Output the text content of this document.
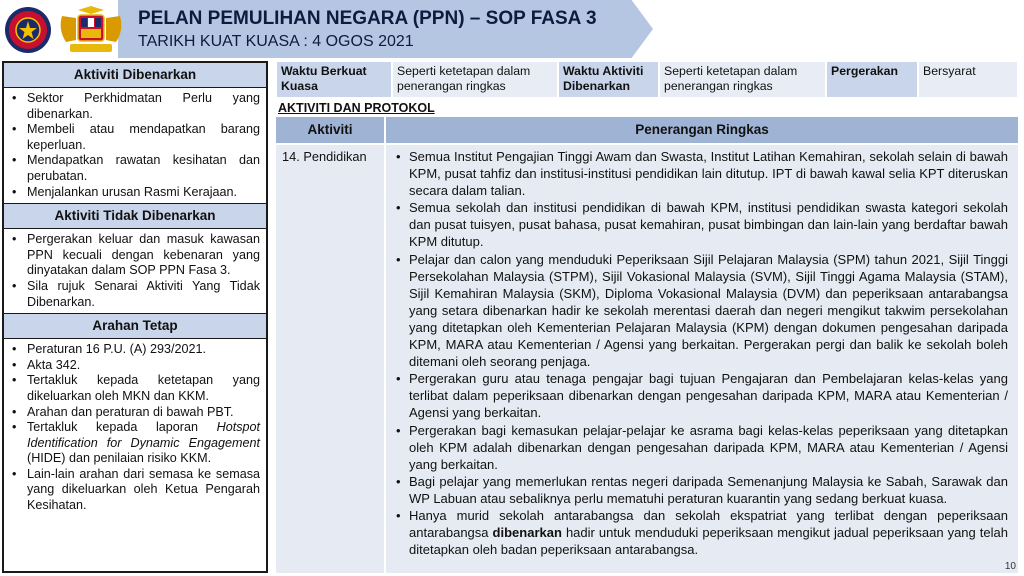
PELAN PEMULIHAN NEGARA (PPN) – SOP FASA 3
TARIKH KUAT KUASA : 4 OGOS 2021
Aktiviti Dibenarkan
• Sektor Perkhidmatan Perlu yang dibenarkan.
• Membeli atau mendapatkan barang keperluan.
• Mendapatkan rawatan kesihatan dan perubatan.
• Menjalankan urusan Rasmi Kerajaan.
Aktiviti Tidak Dibenarkan
• Pergerakan keluar dan masuk kawasan PPN kecuali dengan kebenaran yang dinyatakan dalam SOP PPN Fasa 3.
• Sila rujuk Senarai Aktiviti Yang Tidak Dibenarkan.
Arahan Tetap
• Peraturan 16 P.U. (A) 293/2021.
• Akta 342.
• Tertakluk kepada ketetapan yang dikeluarkan oleh MKN dan KKM.
• Arahan dan peraturan di bawah PBT.
• Tertakluk kepada laporan Hotspot Identification for Dynamic Engagement (HIDE) dan penilaian risiko KKM.
• Lain-lain arahan dari semasa ke semasa yang dikeluarkan oleh Ketua Pengarah Kesihatan.
Waktu Berkuat Kuasa
Seperti ketetapan dalam penerangan ringkas
Waktu Aktiviti Dibenarkan
Seperti ketetapan dalam penerangan ringkas
Pergerakan	Bersyarat
AKTIVITI DAN PROTOKOL
Aktiviti	Penerangan Ringkas
14. Pendidikan
•	Semua Institut Pengajian Tinggi Awam dan Swasta, Institut Latihan Kemahiran, sekolah selain di bawah KPM, pusat tahfiz dan institusi-institusi pendidikan lain ditutup. IPT di bawah kawal selia KPT diteruskan secara dalam talian.
• Semua sekolah dan institusi pendidikan di bawah KPM, institusi pendidikan swasta kategori sekolah dan pusat tuisyen, pusat bahasa, pusat kemahiran, pusat bimbingan dan lain-lain yang berdaftar bawah KPM ditutup.
• Pelajar dan calon yang menduduki Peperiksaan Sijil Pelajaran Malaysia (SPM) tahun 2021, Sijil Tinggi Persekolahan Malaysia (STPM), Sijil Vokasional Malaysia (SVM), Sijil Tinggi Agama Malaysia (STAM), Sijil Kemahiran Malaysia (SKM), Diploma Vokasional Malaysia (DVM) dan peperiksaan antarabangsa yang setara dibenarkan hadir ke sekolah merentasi daerah dan negeri mengikut takwim persekolahan yang ditetapkan oleh Kementerian Pelajaran Malaysia (KPM) dengan dokumen pengesahan daripada KPM, MARA atau Kementerian / Agensi yang berkaitan. Pergerakan pergi dan balik ke sekolah boleh ditemani oleh seorang penjaga.
• Pergerakan guru atau tenaga pengajar bagi tujuan Pengajaran dan Pembelajaran kelas-kelas yang terlibat dalam peperiksaan dibenarkan dengan pengesahan daripada KPM, MARA atau Kementerian / Agensi yang berkaitan.
• Pergerakan bagi kemasukan pelajar-pelajar ke asrama bagi kelas-kelas peperiksaan yang ditetapkan oleh KPM adalah dibenarkan dengan pengesahan daripada KPM, MARA atau Kementerian / Agensi yang berkaitan.
• Bagi pelajar yang memerlukan rentas negeri daripada Semenanjung Malaysia ke Sabah, Sarawak dan WP Labuan atau sebaliknya perlu mematuhi peraturan kuarantin yang sedang berkuat kuasa.
• Hanya murid sekolah antarabangsa dan sekolah ekspatriat yang terlibat dengan peperiksaan antarabangsa dibenarkan hadir untuk menduduki peperiksaan mengikut jadual peperiksaan yang telah ditetapkan oleh badan peperiksaan antarabangsa.
10
